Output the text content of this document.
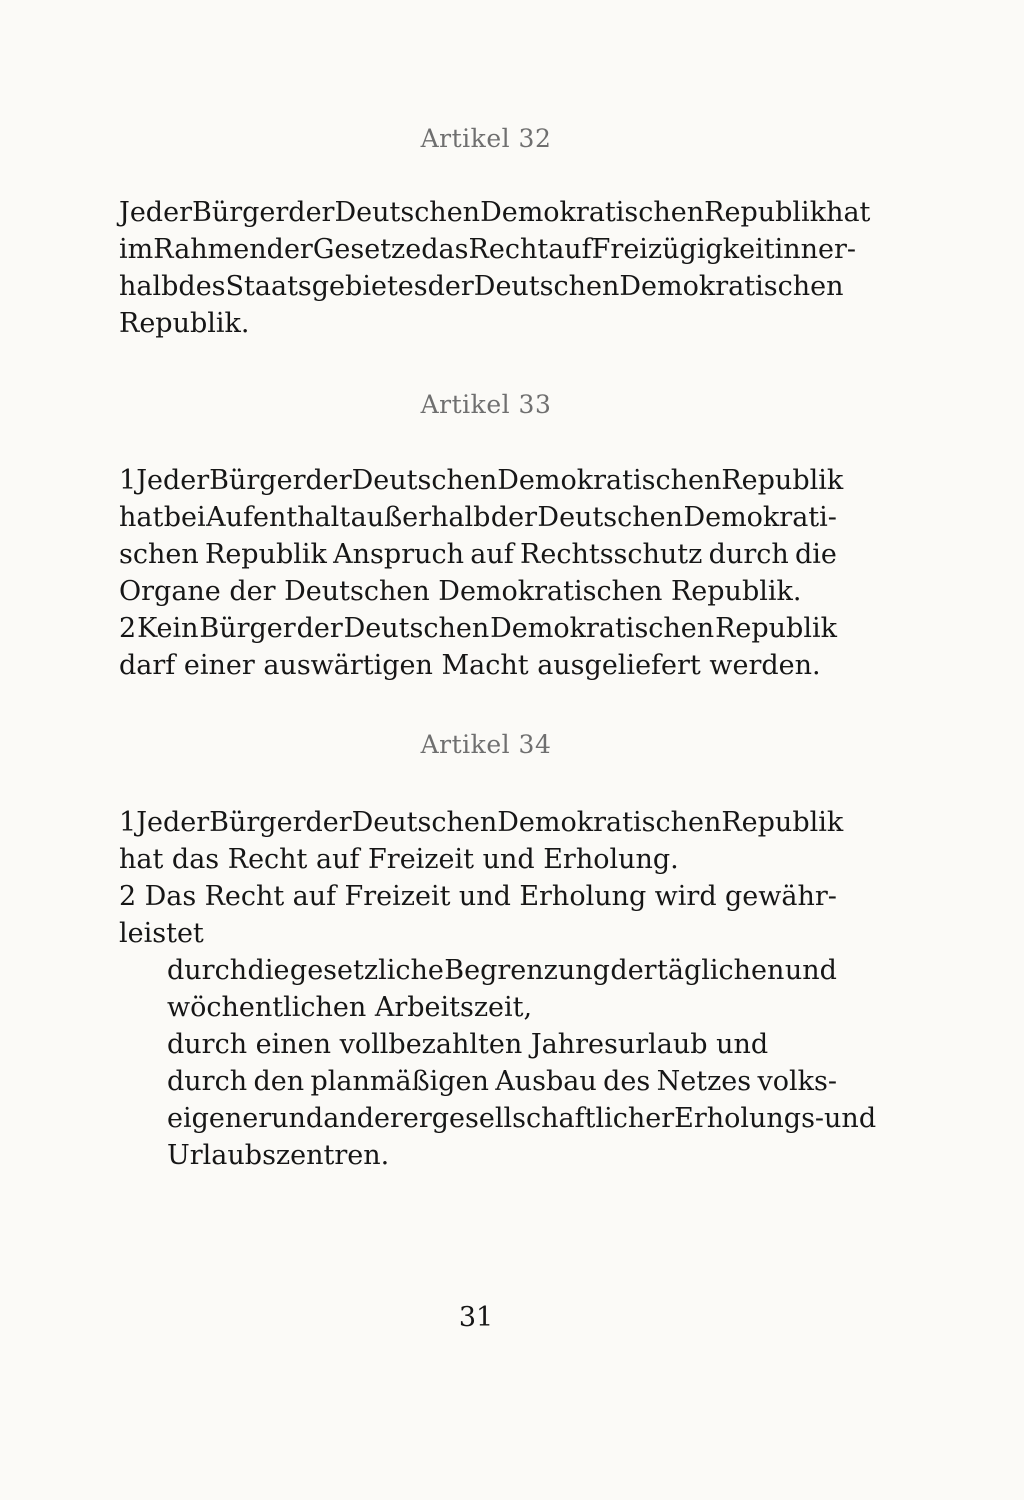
Artikel 32
Jeder Bürger der Deutschen Demokratischen Republik hat
im Rahmen der Gesetze das Recht auf Freizügigkeit inner-
halb des Staatsgebietes der Deutschen Demokratischen
Republik.
Artikel 33
1 Jeder Bürger der Deutschen Demokratischen Republik
hat bei Aufenthalt außerhalb der Deutschen Demokrati-
schen Republik Anspruch auf Rechtsschutz durch die
Organe der Deutschen Demokratischen Republik.
2 Kein Bürger der Deutschen Demokratischen Republik
darf einer auswärtigen Macht ausgeliefert werden.
Artikel 34
1 Jeder Bürger der Deutschen Demokratischen Republik
hat das Recht auf Freizeit und Erholung.
2 Das Recht auf Freizeit und Erholung wird gewähr-
leistet
durch die gesetzliche Begrenzung der täglichen und
wöchentlichen Arbeitszeit,
durch einen vollbezahlten Jahresurlaub und
durch den planmäßigen Ausbau des Netzes volks-
eigener und anderer gesellschaftlicher Erholungs- und
Urlaubszentren.
31
